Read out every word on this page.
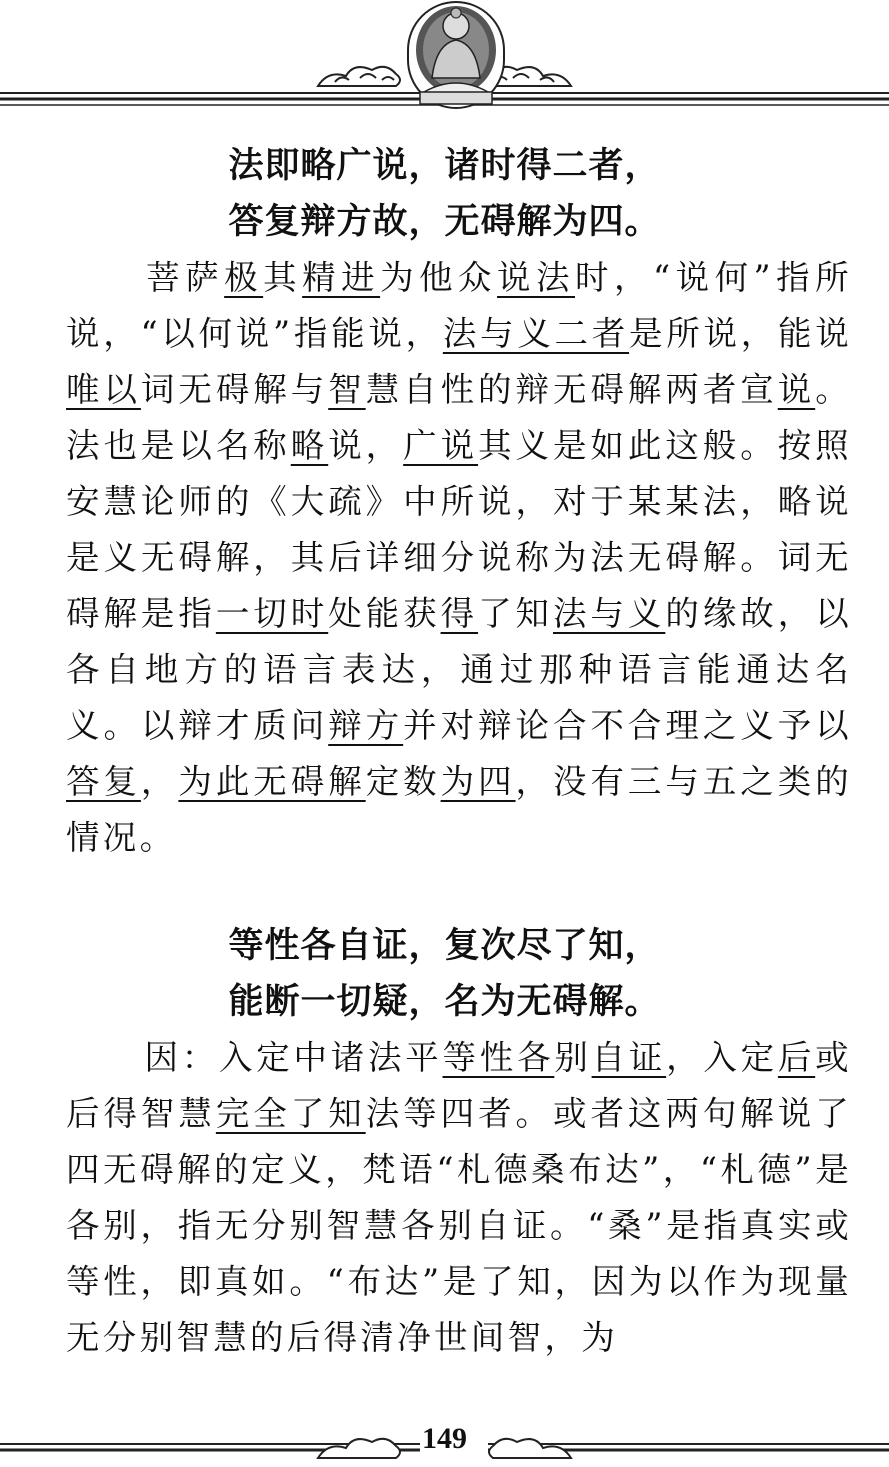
法即略广说，诸时得二者，
答复辩方故，无碍解为四。
菩萨极其精进为他众说法时，“说何”指所说，“以何说”指能说，法与义二者是所说，能说唯以词无碍解与智慧自性的辩无碍解两者宣说。法也是以名称略说，广说其义是如此这般。按照安慧论师的《大疏》中所说，对于某某法，略说是义无碍解，其后详细分说称为法无碍解。词无碍解是指一切时处能获得了知法与义的缘故，以各自地方的语言表达，通过那种语言能通达名义。以辩才质问辩方并对辩论合不合理之义予以答复，为此无碍解定数为四，没有三与五之类的情况。
等性各自证，复次尽了知，
能断一切疑，名为无碍解。
因：入定中诸法平等性各别自证，入定后或后得智慧完全了知法等四者。或者这两句解说了四无碍解的定义，梵语“札德桑布达”，“札德”是各别，指无分别智慧各别自证。“桑”是指真实或等性，即真如。“布达”是了知，因为以作为现量无分别智慧的后得清净世间智，为
149
